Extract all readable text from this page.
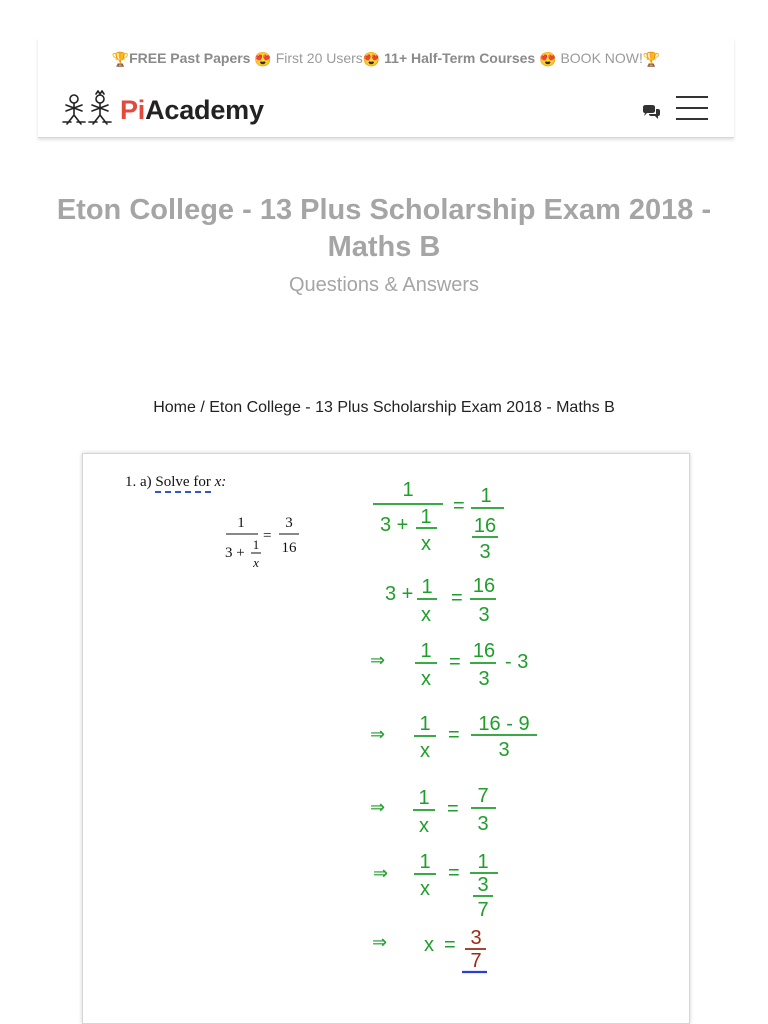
🏆FREE Past Papers 😍 First 20 Users😍 11+ Half-Term Courses 😍 BOOK NOW!🏆
PiAcademy
Eton College - 13 Plus Scholarship Exam 2018 - Maths B
Questions & Answers
Home / Eton College - 13 Plus Scholarship Exam 2018 - Maths B
1. a) Solve for x:
1
3 +
1
x
=
3
16
1
3 + 1
x
= 1
16
3
3 + 1
x
=
16
3
⇒ 1
x
= 16
3
- 3
⇒ 1
x
= 16 - 9
3
⇒ 1
x
=
7
3
⇒ 1
x
= 1
3
7
⇒ x = 3
7
